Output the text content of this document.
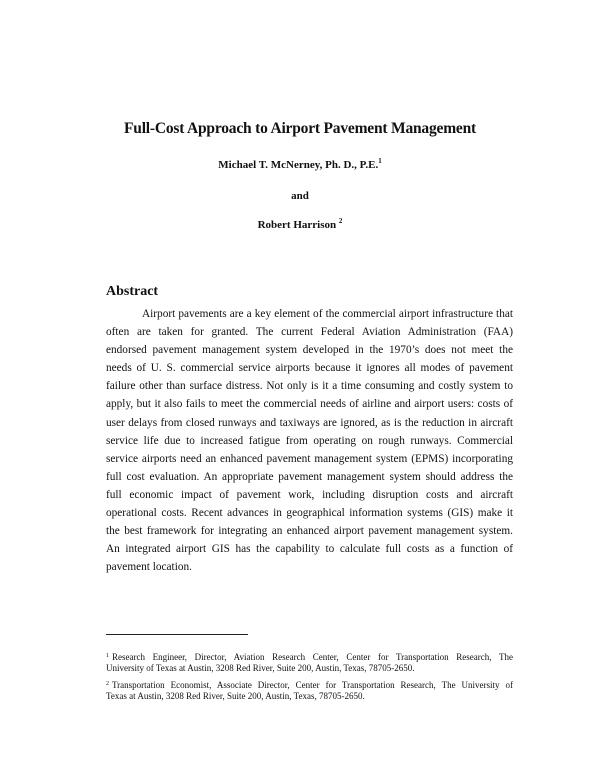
Full-Cost Approach to Airport Pavement Management
Michael T. McNerney, Ph. D., P.E.$^1$
and
Robert Harrison $^2$
Abstract
Airport pavements are a key element of the commercial airport infrastructure that
often are taken for granted. The current Federal Aviation Administration (FAA)
endorsed pavement management system developed in the 1970’s does not meet the
needs of U. S. commercial service airports because it ignores all modes of pavement
failure other than surface distress. Not only is it a time consuming and costly system to
apply, but it also fails to meet the commercial needs of airline and airport users: costs of
user delays from closed runways and taxiways are ignored, as is the reduction in aircraft
service life due to increased fatigue from operating on rough runways. Commercial
service airports need an enhanced pavement management system (EPMS) incorporating
full cost evaluation. An appropriate pavement management system should address the
full economic impact of pavement work, including disruption costs and aircraft
operational costs. Recent advances in geographical information systems (GIS) make it
the best framework for integrating an enhanced airport pavement management system.
An integrated airport GIS has the capability to calculate full costs as a function of
pavement location.
$^1$ Research Engineer, Director, Aviation Research Center, Center for Transportation Research, The
University of Texas at Austin, 3208 Red River, Suite 200, Austin, Texas, 78705-2650.
$^2$ Transportation Economist, Associate Director, Center for Transportation Research, The University of
Texas at Austin, 3208 Red River, Suite 200, Austin, Texas, 78705-2650.
